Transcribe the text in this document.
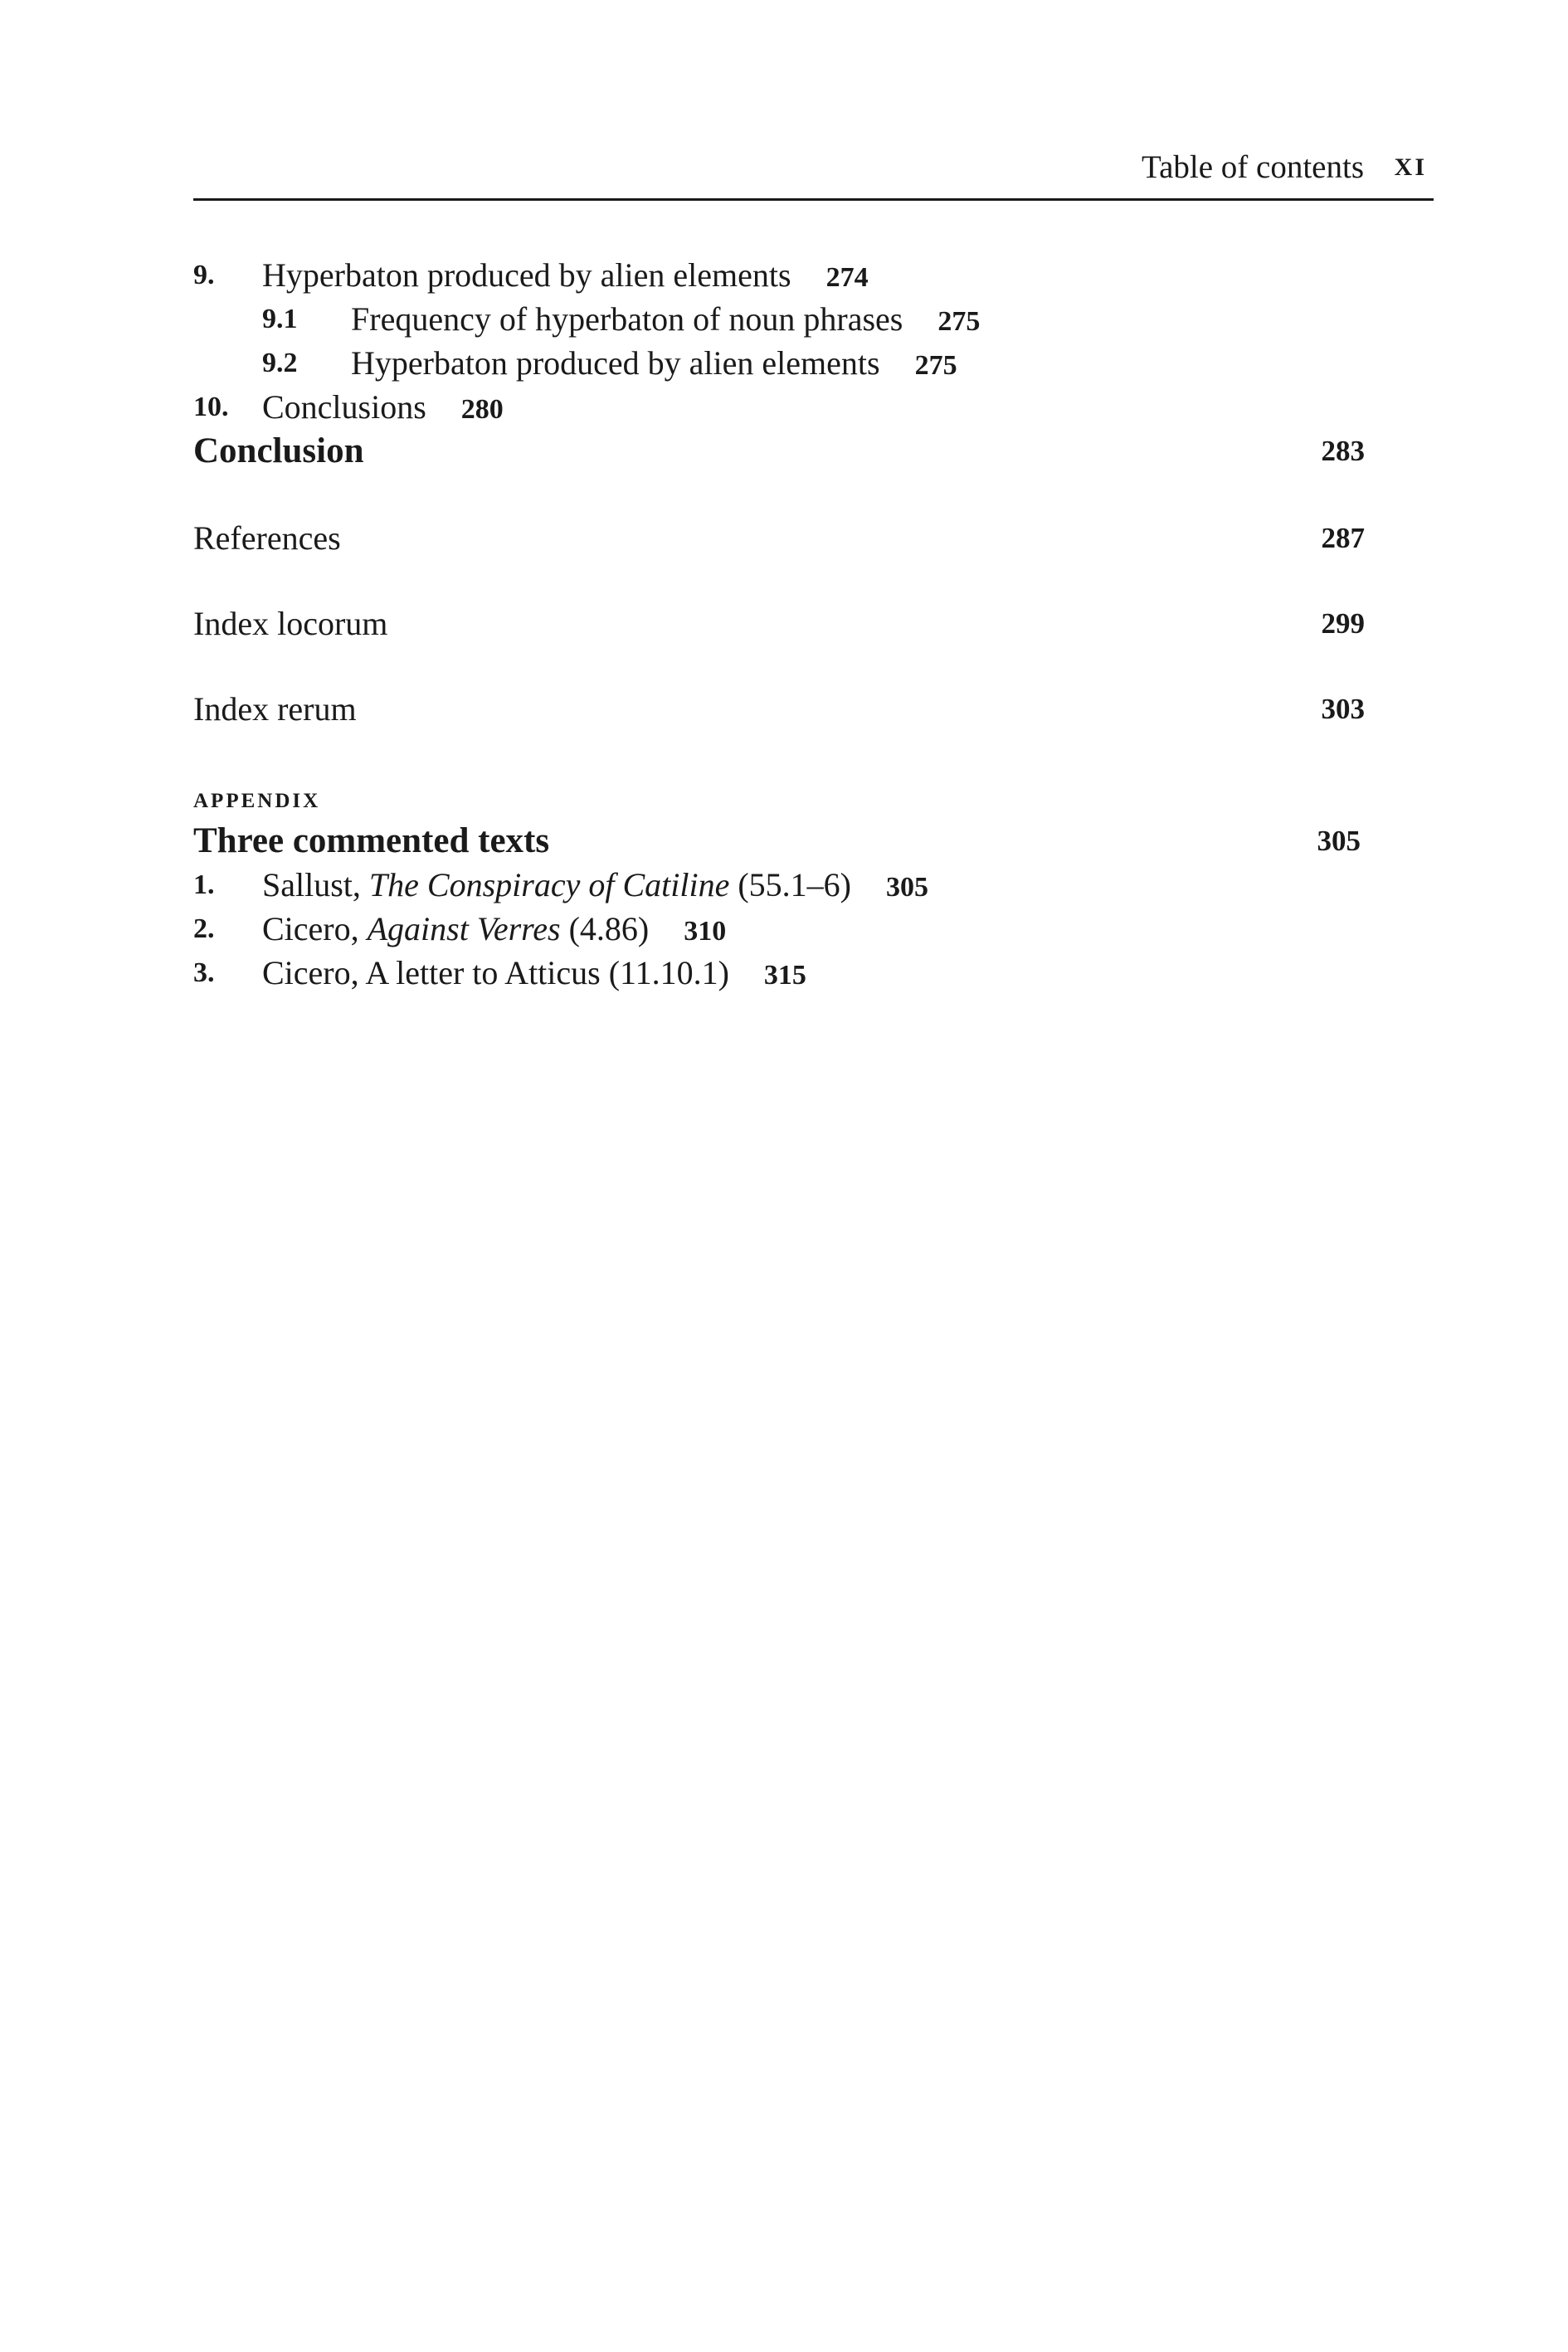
Table of contents XI
9. Hyperbaton produced by alien elements 274
9.1 Frequency of hyperbaton of noun phrases 275
9.2 Hyperbaton produced by alien elements 275
10. Conclusions 280
Conclusion	283
References	287
Index locorum	299
Index rerum	303
appendix
Three commented texts	305
1. Sallust, The Conspiracy of Catiline (55.1–6) 305
2. Cicero, Against Verres (4.86) 310
3. Cicero, A letter to Atticus (11.10.1) 315
